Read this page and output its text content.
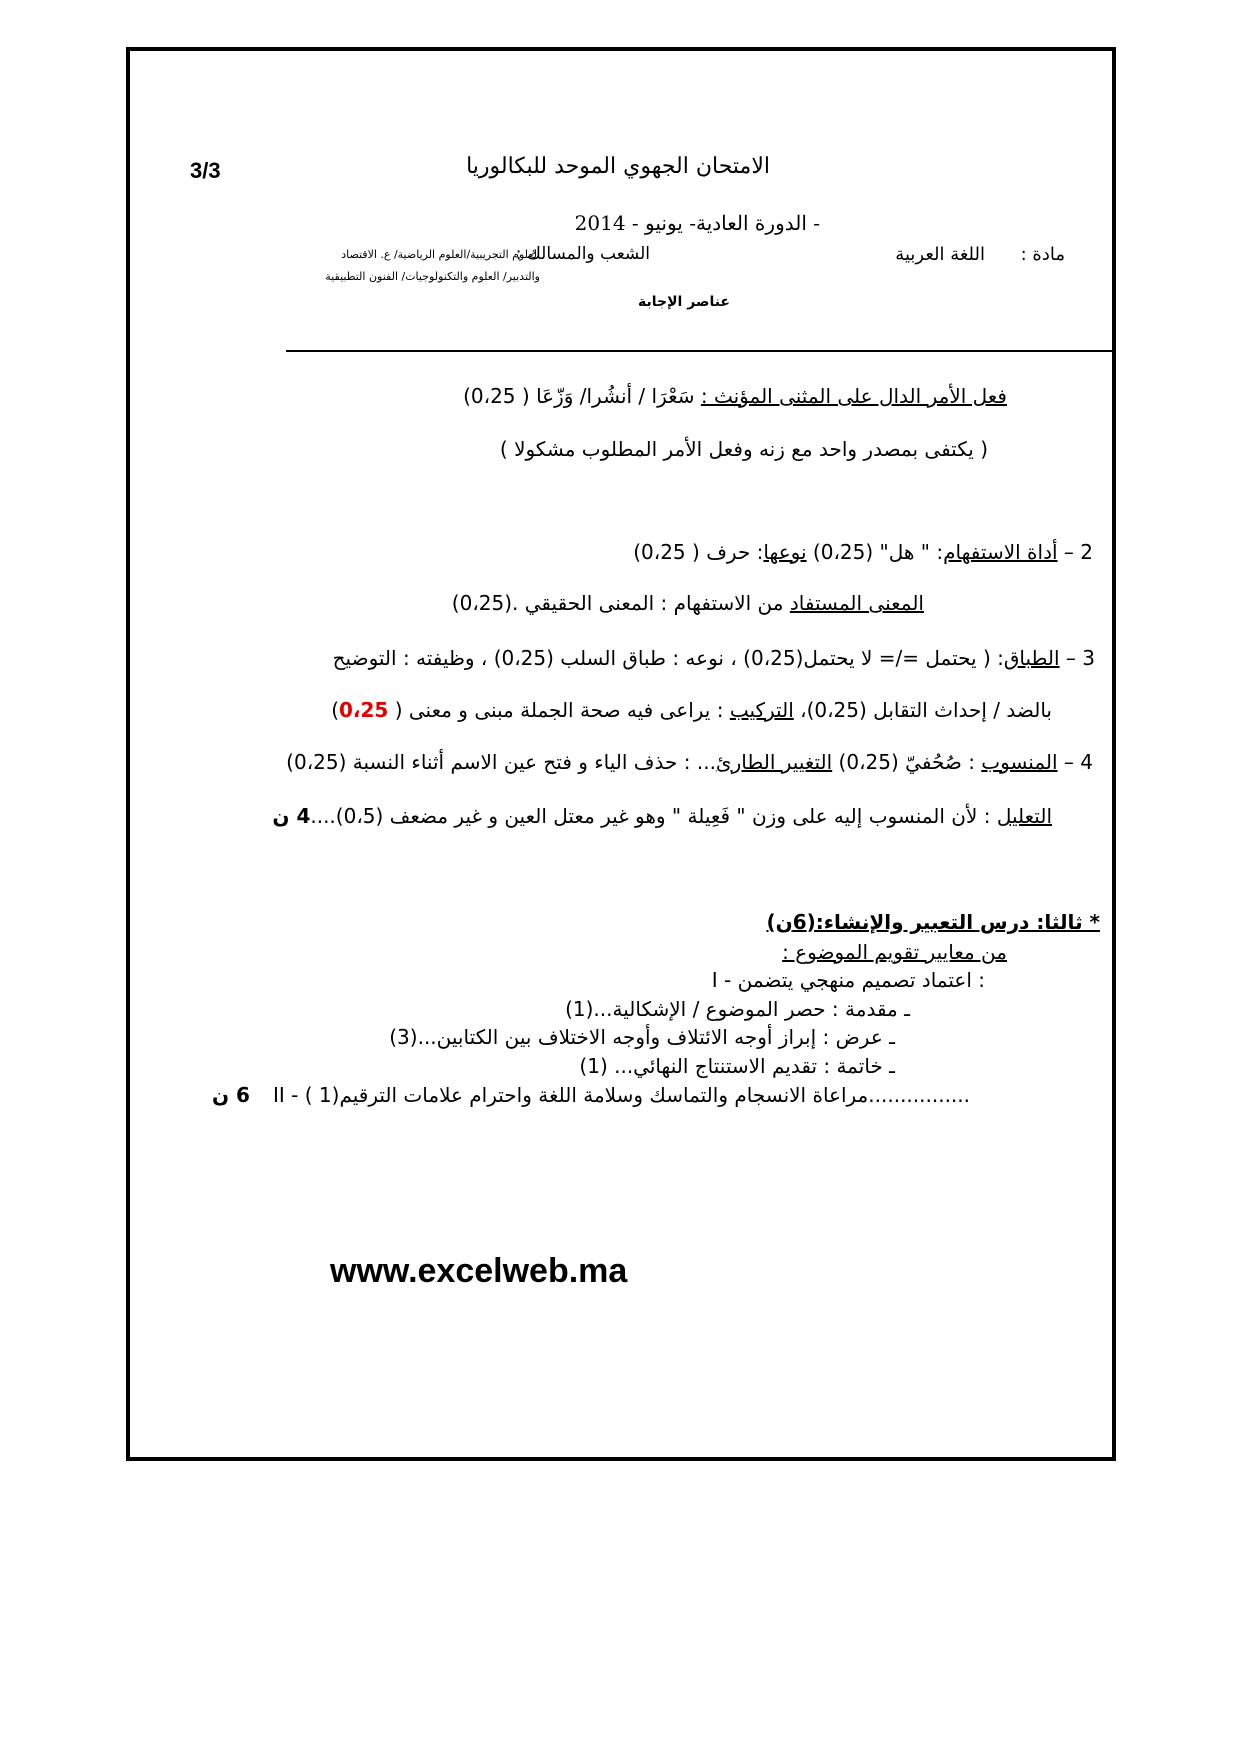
3/3	الامتحان الجهوي الموحد للبكالوريا
- الدورة العادية- يونيو - 2014
مادة :
اللغة العربية
الشعب والمسالك :
العلوم التجريبية/العلوم الرياضية/ ع. الاقتصاد
والتدبير/ العلوم والتكنولوجيات/ الفنون التطبيقية
عناصر الإجابة
فعل الأمر الدال على المثنى المؤنث : سَعْرَا / أنشُرا/ وَزّعَا ( 0،25)
( يكتفى بمصدر واحد مع زنه وفعل الأمر المطلوب مشكولا )
2 – أداة الاستفهام: " هل" (0،25) نوعها: حرف ( 0،25)
المعنى المستفاد من الاستفهام : المعنى الحقيقي .(0،25)
3 – الطباق: ( يحتمل =/= لا يحتمل(0،25) ، نوعه : طباق السلب (0،25) ، وظيفته : التوضيح
بالضد / إحداث التقابل (0،25)، التركيب : يراعى فيه صحة الجملة مبنى و معنى ( 0،25)
4 – المنسوب : صُحُفيّ (0،25) التغيير الطارئ... : حذف الياء و فتح عين الاسم أثناء النسبة (0،25)
التعليل : لأن المنسوب إليه على وزن " فَعِيلة " وهو غير معتل العين و غير مضعف (0،5)....4 ن
* ثالثا: درس التعبير والإنشاء:(6ن)
من معايير تقويم الموضوع :
I - اعتماد تصميم منهجي يتضمن :
ـ مقدمة : حصر الموضوع / الإشكالية...(1)
ـ عرض : إبراز أوجه الائتلاف وأوجه الاختلاف بين الكتابين...(3)
ـ خاتمة : تقديم الاستنتاج النهائي... (1)
II - مراعاة الانسجام والتماسك وسلامة اللغة واحترام علامات الترقيم(1 )................
6 ن
www.excelweb.ma
